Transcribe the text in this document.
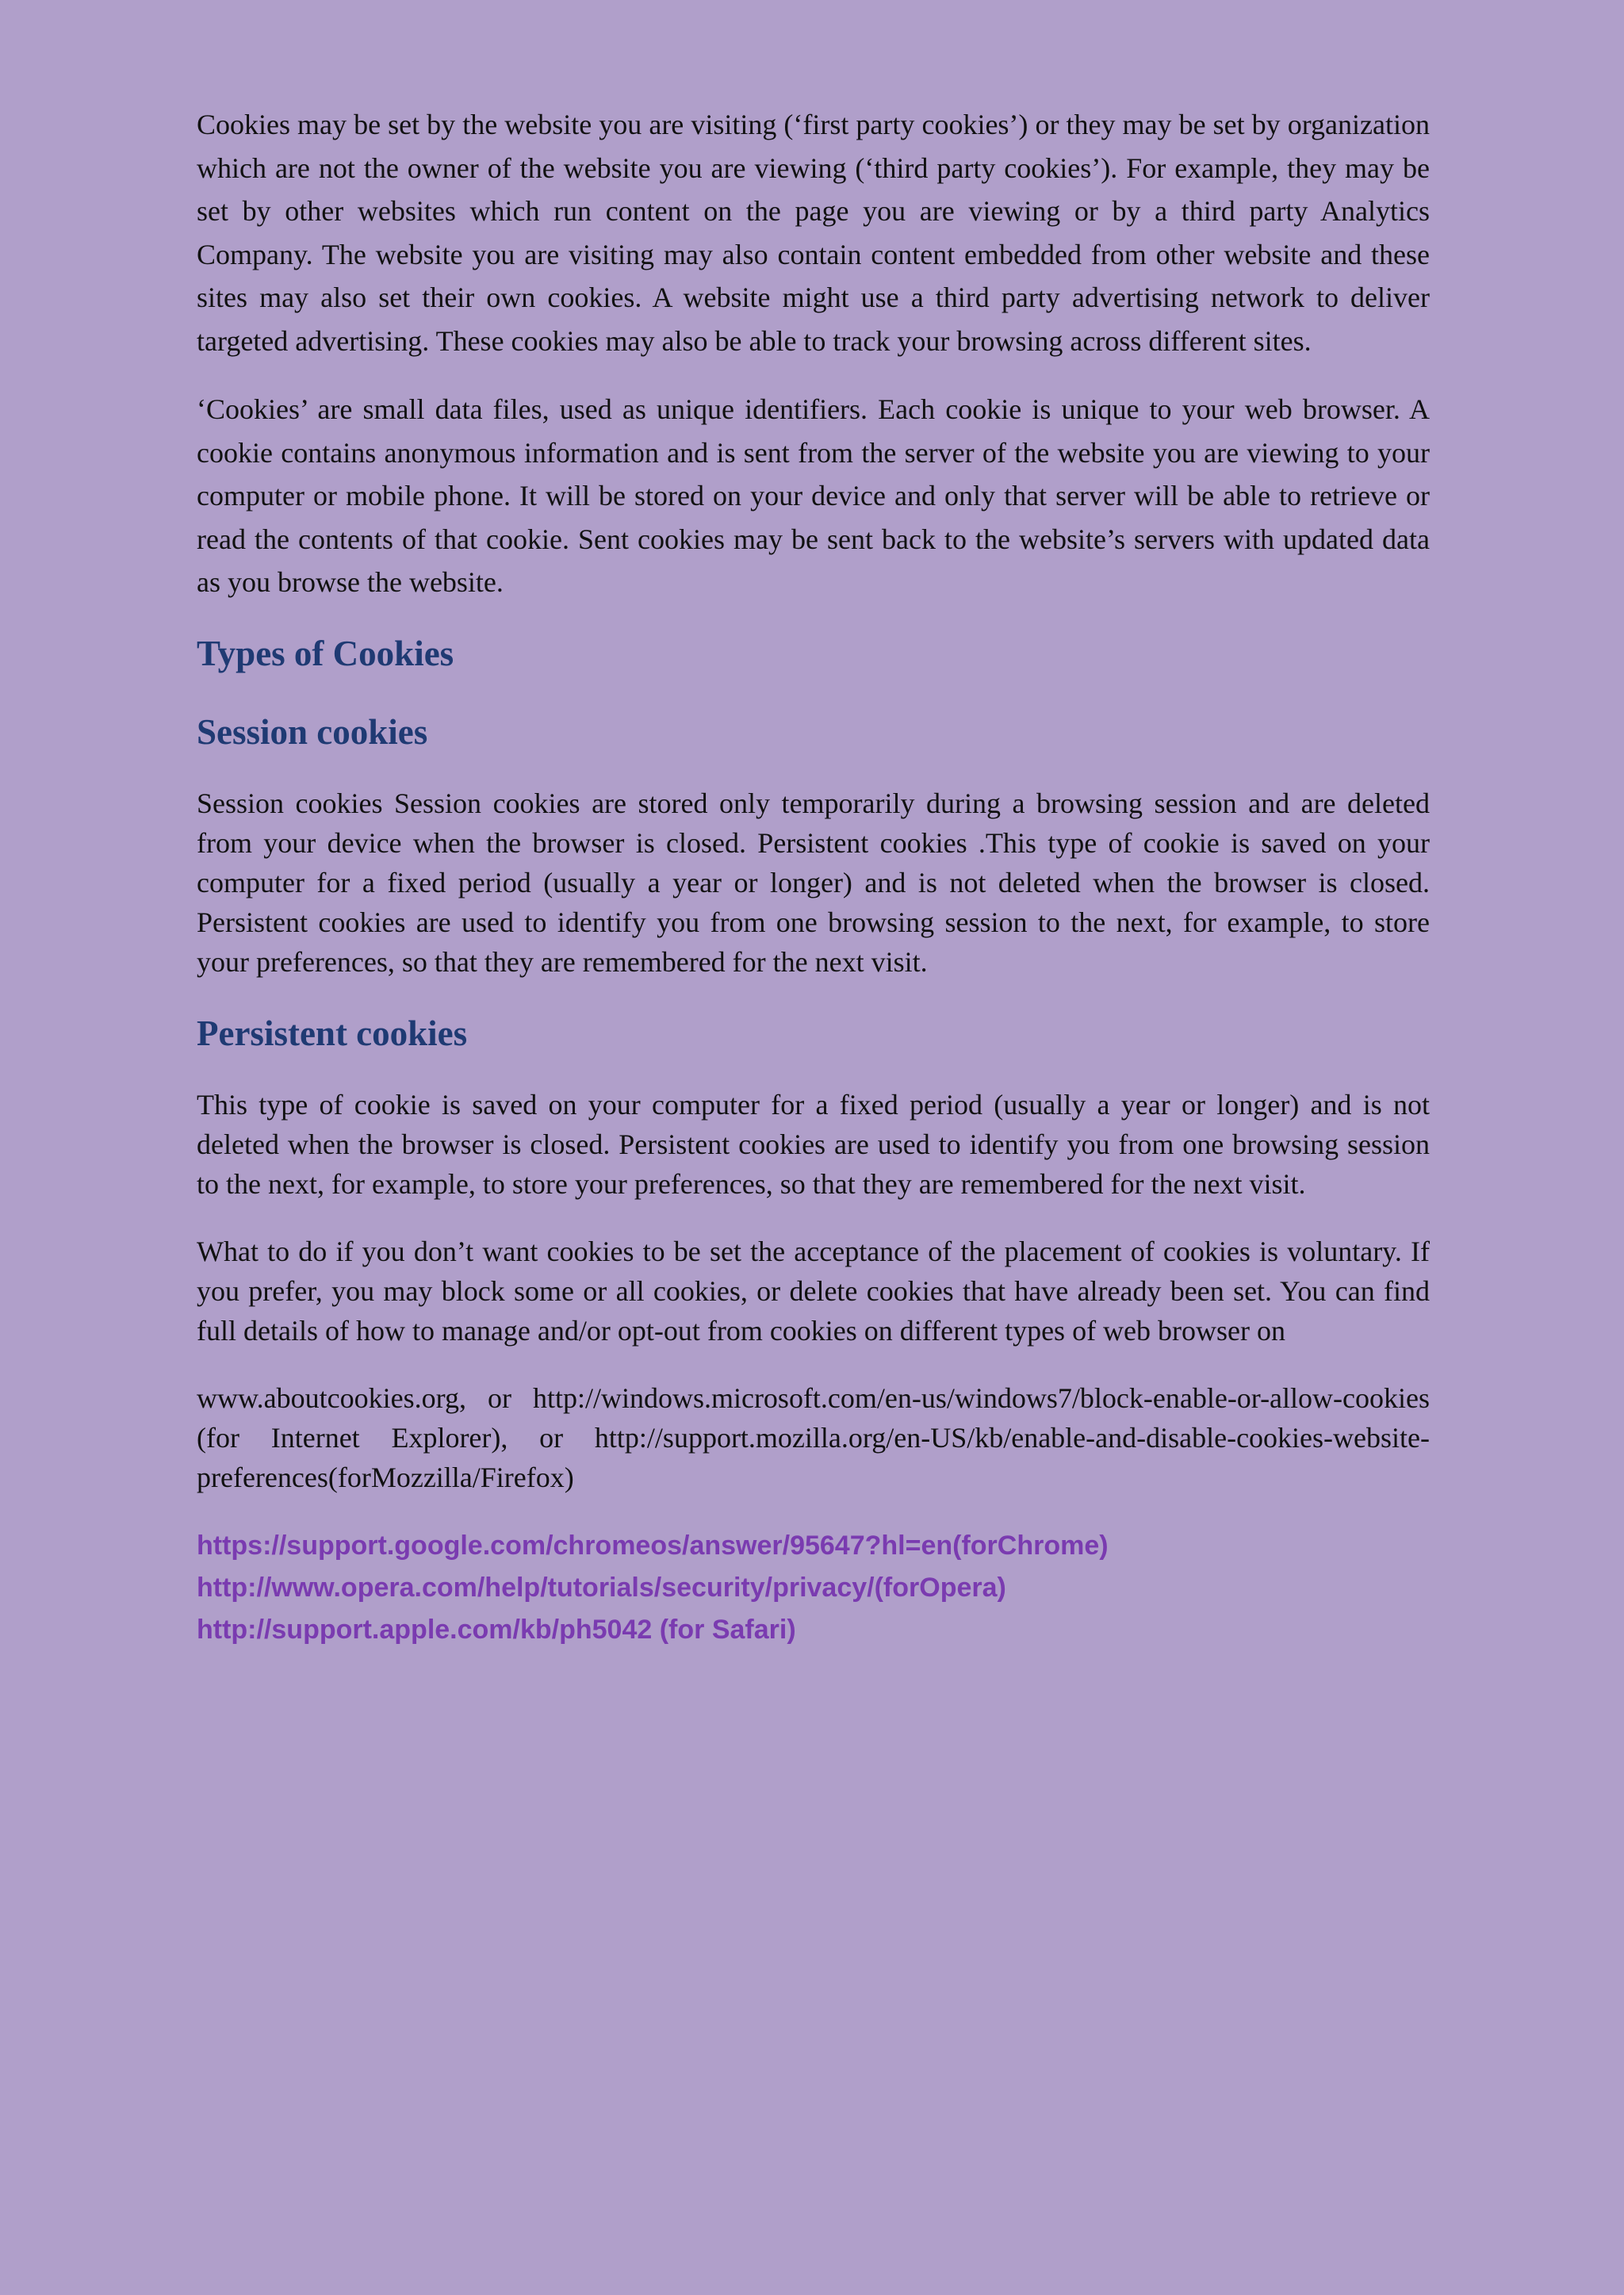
Cookies may be set by the website you are visiting (‘first party cookies’) or they may be set by organization which are not the owner of the website you are viewing (‘third party cookies’). For example, they may be set by other websites which run content on the page you are viewing or by a third party Analytics Company. The website you are visiting may also contain content embedded from other website and these sites may also set their own cookies. A website might use a third party advertising network to deliver targeted advertising. These cookies may also be able to track your browsing across different sites.

‘Cookies’ are small data files, used as unique identifiers. Each cookie is unique to your web browser. A cookie contains anonymous information and is sent from the server of the website you are viewing to your computer or mobile phone. It will be stored on your device and only that server will be able to retrieve or read the contents of that cookie. Sent cookies may be sent back to the website’s servers with updated data as you browse the website.

Types of Cookies
Session cookies

Session cookies Session cookies are stored only temporarily during a browsing session and are deleted from your device when the browser is closed. Persistent cookies .This type of cookie is saved on your computer for a fixed period (usually a year or longer) and is not deleted when the browser is closed. Persistent cookies are used to identify you from one browsing session to the next, for example, to store your preferences, so that they are remembered for the next visit.

Persistent cookies

This type of cookie is saved on your computer for a fixed period (usually a year or longer) and is not deleted when the browser is closed. Persistent cookies are used to identify you from one browsing session to the next, for example, to store your preferences, so that they are remembered for the next visit.

What to do if you don’t want cookies to be set the acceptance of the placement of cookies is voluntary. If you prefer, you may block some or all cookies, or delete cookies that have already been set. You can find full details of how to manage and/or opt-out from cookies on different types of web browser on

www.aboutcookies.org, or http://windows.microsoft.com/en-us/windows7/block-enable-or-allow-cookies (for Internet Explorer), or http://support.mozilla.org/en-US/kb/enable-and-disable-cookies-website-preferences(forMozzilla/Firefox)

https://support.google.com/chromeos/answer/95647?hl=en(forChrome)
http://www.opera.com/help/tutorials/security/privacy/(forOpera)
http://support.apple.com/kb/ph5042 (for Safari)
